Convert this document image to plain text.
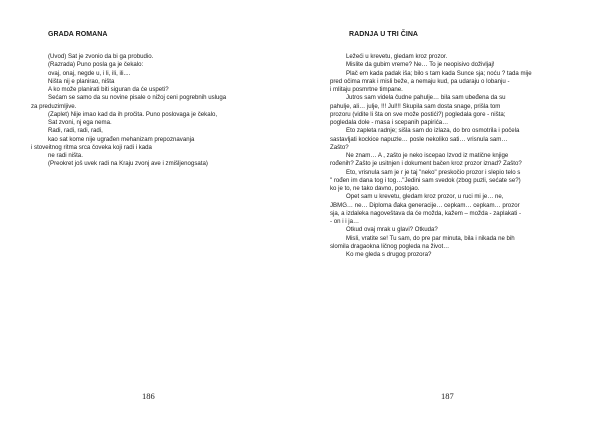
GRADA ROMANA
(Uvod) Sat je zvonio da bi ga probudio.
(Razrada) Puno posla ga je čekalo:
ovaj, onaj, negde u, i li, ili, ili....
Ništa nij e planirao, ništa
A ko može planirati biti siguran da će uspeti?
Sećam se samo da su novine pisale o nižoj ceni pogrebnih usluga
za preduzimljive.
(Zaplet) Nije imao kad da ih pročita. Puno poslovaga je čekalo,
Sat zvoni, nj ega nema.
Radi, radi, radi, radi,
kao sat kome nije ugrađen mehanizam prepoznavanja
i stoveitnog ritma srca čoveka koji radi i kada
ne radi ništa.
(Preokret još uvek radi na Kraju zvonj ave i zmišljenogsata)
186
RADNJA U TRI ČINA
Ležeći u krevetu, gledam kroz prozor.
Mislite da gubim vreme? Ne… To je neopisivo doživljaj!
Plač em kada padak iša; bilo s tam kada Sunce sja; noću ? tada mije
pred očima mrak i misli beže, a nemaju kud, pa udaraju o lobanju -
i mlitaju posmrtne timpane.
Jutros sam videla čudne pahulje… bila sam ubeđena da su
pahulje, ali… julje, !!! Jul!!! Skupila sam dosta snage, prišla tom
prozoru (vidite li šta on sve može postići?) pogledala gore - ništa;
pogledala dole - masa i scepanih papirića…
Eto zapleta radnje; sišla sam do izlaza, do bro osmotrila i počela
sastavljati kockice napuzle… posle nekoliko sati… vrisnula sam…
Zašto?
Ne znam… A , zašto je neko iscepao Izvod iz matične knjige
rođenih? Zašto je usitnjen i dokument bačen kroz prozor iznad? Zašto?
Eto, vrisnula sam je r je taj "neko" preskočio prozor i slepio telo s
" rođen im dana tog i tog…"Jedini sam svedok (zbog puzli, sećate se?)
ko je to, ne tako davno, postojao.
Opet sam u krevetu, gledam kroz prozor, u ruci mi je… ne,
JBMG… ne… Diploma đaka generacije… cepkam… cepkam… prozor
sja, a izdaleka nagoveštava da će možda, kažem – možda - zaplakati -
- on i i ja…
Otkud ovaj mrak u glavi? Otkuda?
Misli, vratite se! Tu sam, do pre par minuta, bila i nikada ne bih
slomila dragaokna ličnog pogleda na život…
Ko me gleda s drugog prozora?
187
